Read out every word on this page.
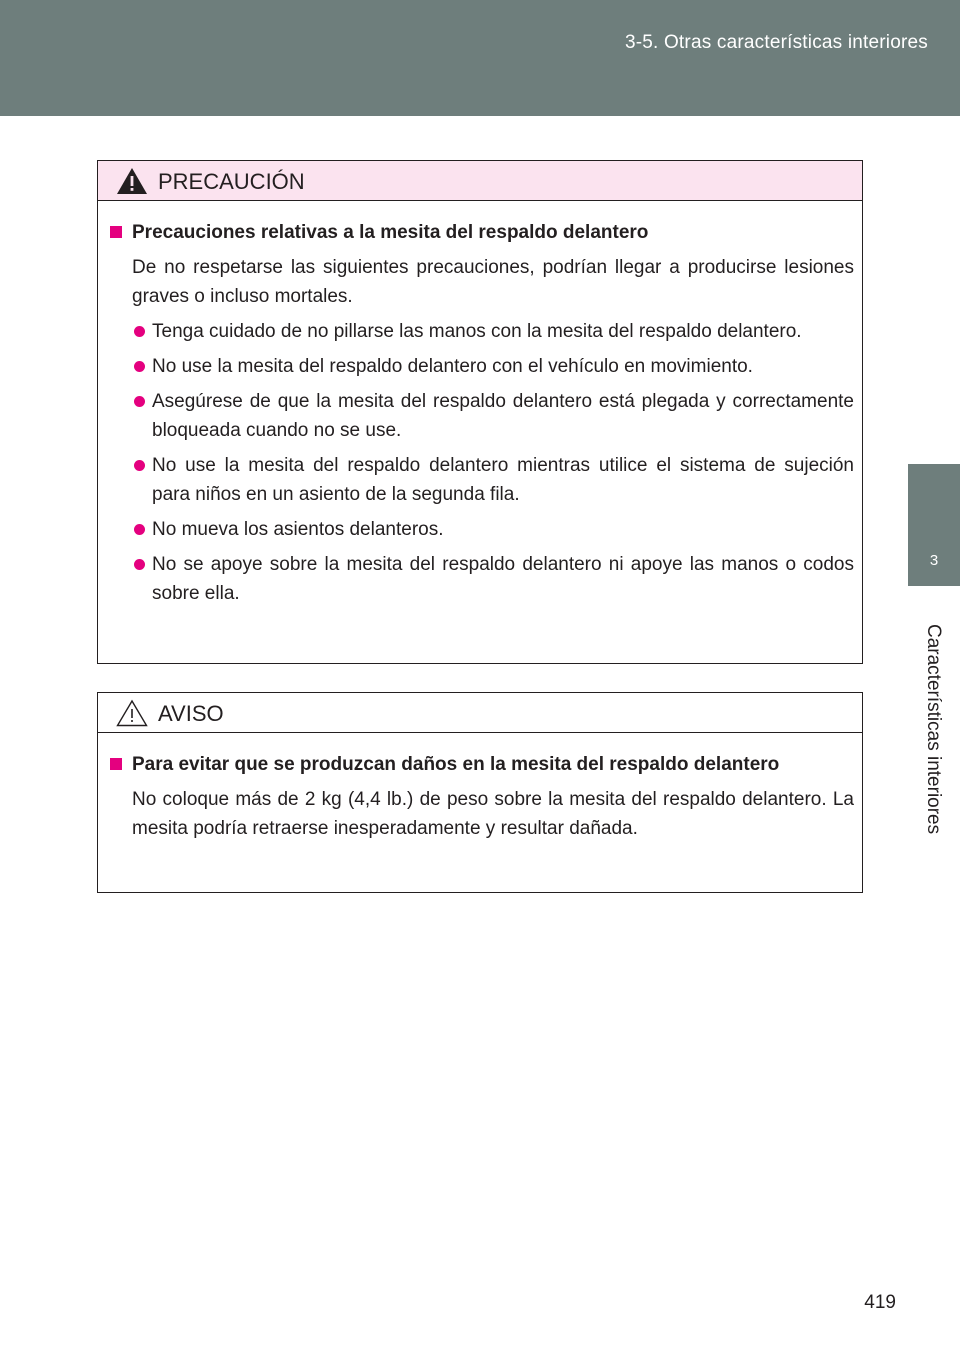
3-5. Otras características interiores
3
Características interiores
PRECAUCIÓN
Precauciones relativas a la mesita del respaldo delantero
De no respetarse las siguientes precauciones, podrían llegar a producirse lesiones graves o incluso mortales.
Tenga cuidado de no pillarse las manos con la mesita del respaldo delantero.
No use la mesita del respaldo delantero con el vehículo en movimiento.
Asegúrese de que la mesita del respaldo delantero está plegada y correctamente bloqueada cuando no se use.
No use la mesita del respaldo delantero mientras utilice el sistema de sujeción para niños en un asiento de la segunda fila.
No mueva los asientos delanteros.
No se apoye sobre la mesita del respaldo delantero ni apoye las manos o codos sobre ella.
AVISO
Para evitar que se produzcan daños en la mesita del respaldo delantero
No coloque más de 2 kg (4,4 lb.) de peso sobre la mesita del respaldo delantero. La mesita podría retraerse inesperadamente y resultar dañada.
419
